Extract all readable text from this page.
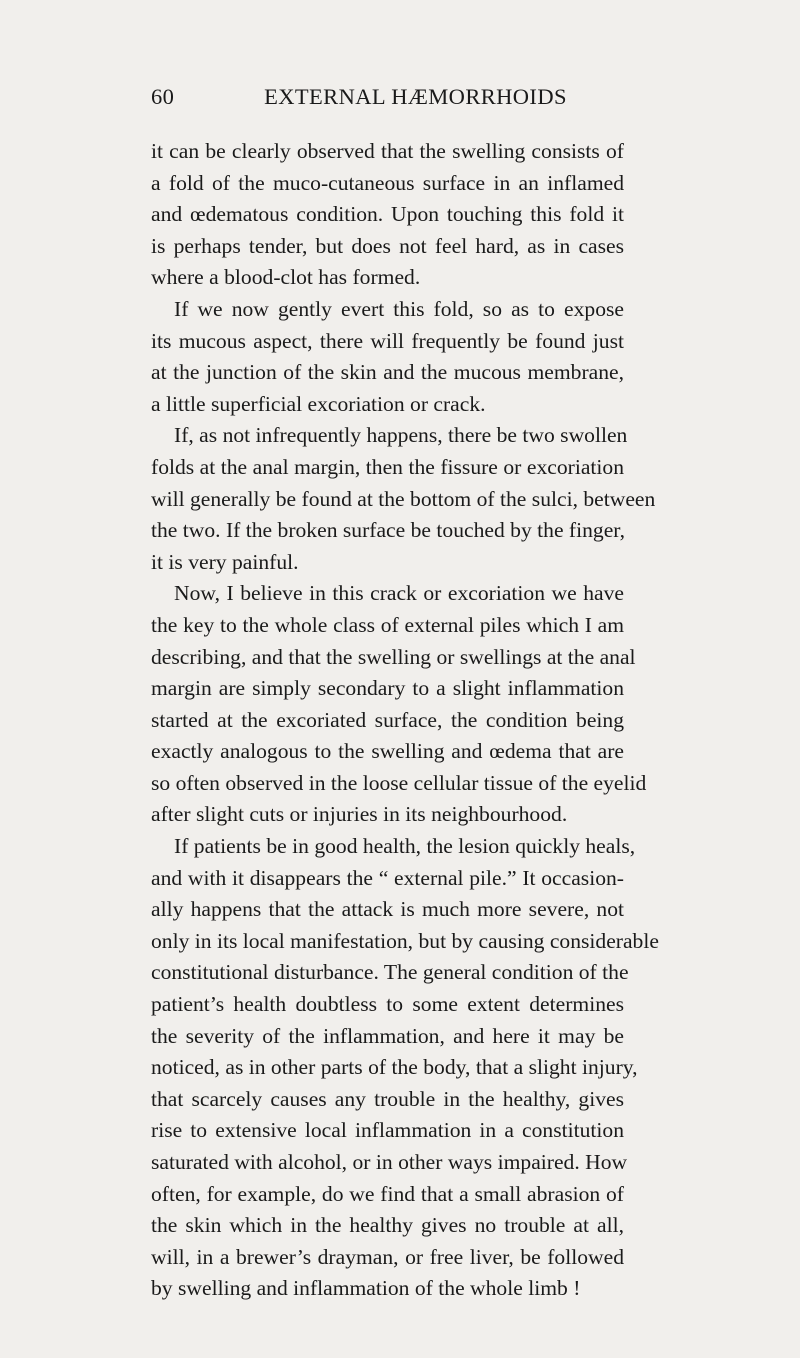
60	EXTERNAL HÆMORRHOIDS
it can be clearly observed that the swelling consists of
a fold of the muco-cutaneous surface in an inflamed
and œdematous condition. Upon touching this fold it
is perhaps tender, but does not feel hard, as in cases
where a blood-clot has formed.
If we now gently evert this fold, so as to expose
its mucous aspect, there will frequently be found just
at the junction of the skin and the mucous membrane,
a little superficial excoriation or crack.
If, as not infrequently happens, there be two swollen
folds at the anal margin, then the fissure or excoriation
will generally be found at the bottom of the sulci, between
the two. If the broken surface be touched by the finger,
it is very painful.
Now, I believe in this crack or excoriation we have
the key to the whole class of external piles which I am
describing, and that the swelling or swellings at the anal
margin are simply secondary to a slight inflammation
started at the excoriated surface, the condition being
exactly analogous to the swelling and œdema that are
so often observed in the loose cellular tissue of the eyelid
after slight cuts or injuries in its neighbourhood.
If patients be in good health, the lesion quickly heals,
and with it disappears the “ external pile.” It occasion-
ally happens that the attack is much more severe, not
only in its local manifestation, but by causing considerable
constitutional disturbance. The general condition of the
patient’s health doubtless to some extent determines
the severity of the inflammation, and here it may be
noticed, as in other parts of the body, that a slight injury,
that scarcely causes any trouble in the healthy, gives
rise to extensive local inflammation in a constitution
saturated with alcohol, or in other ways impaired. How
often, for example, do we find that a small abrasion of
the skin which in the healthy gives no trouble at all,
will, in a brewer’s drayman, or free liver, be followed
by swelling and inflammation of the whole limb !
